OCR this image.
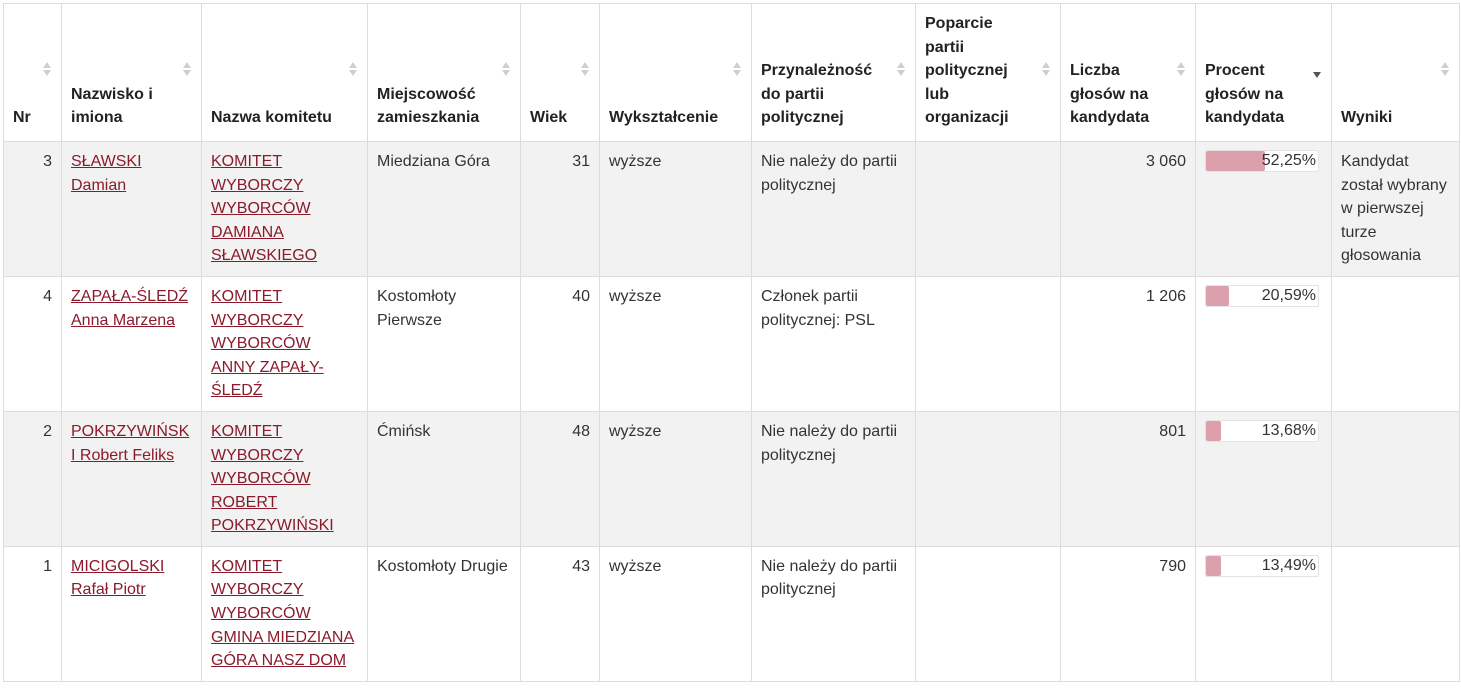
Nr	Nazwisko i imiona	Nazwa komitetu	Miejscowość zamieszkania	Wiek	Wykształcenie	Przynależność do partii politycznej	Poparcie partii politycznej lub organizacji	Liczba głosów na kandydata	Procent głosów na kandydata	Wyniki

3	SŁAWSKI Damian	KOMITET WYBORCZY WYBORCÓW DAMIANA SŁAWSKIEGO	Miedziana Góra	31	wyższe	Nie należy do partii politycznej		3 060	52,25%	Kandydat został wybrany w pierwszej turze głosowania
4	ZAPAŁA-ŚLEDŹ Anna Marzena	KOMITET WYBORCZY WYBORCÓW ANNY ZAPAŁY-ŚLEDŹ	Kostomłoty Pierwsze	40	wyższe	Członek partii politycznej: PSL		1 206	20,59%	

2	POKRZYWIŃSKI Robert Feliks	KOMITET WYBORCZY WYBORCÓW ROBERT POKRZYWIŃSKI	Ćmińsk	48	wyższe	Nie należy do partii politycznej		801	13,68%	

1	MICIGOLSKI Rafał Piotr	KOMITET WYBORCZY WYBORCÓW GMINA MIEDZIANA GÓRA NASZ DOM	Kostomłoty Drugie	43	wyższe	Nie należy do partii politycznej		790	13,49%	
